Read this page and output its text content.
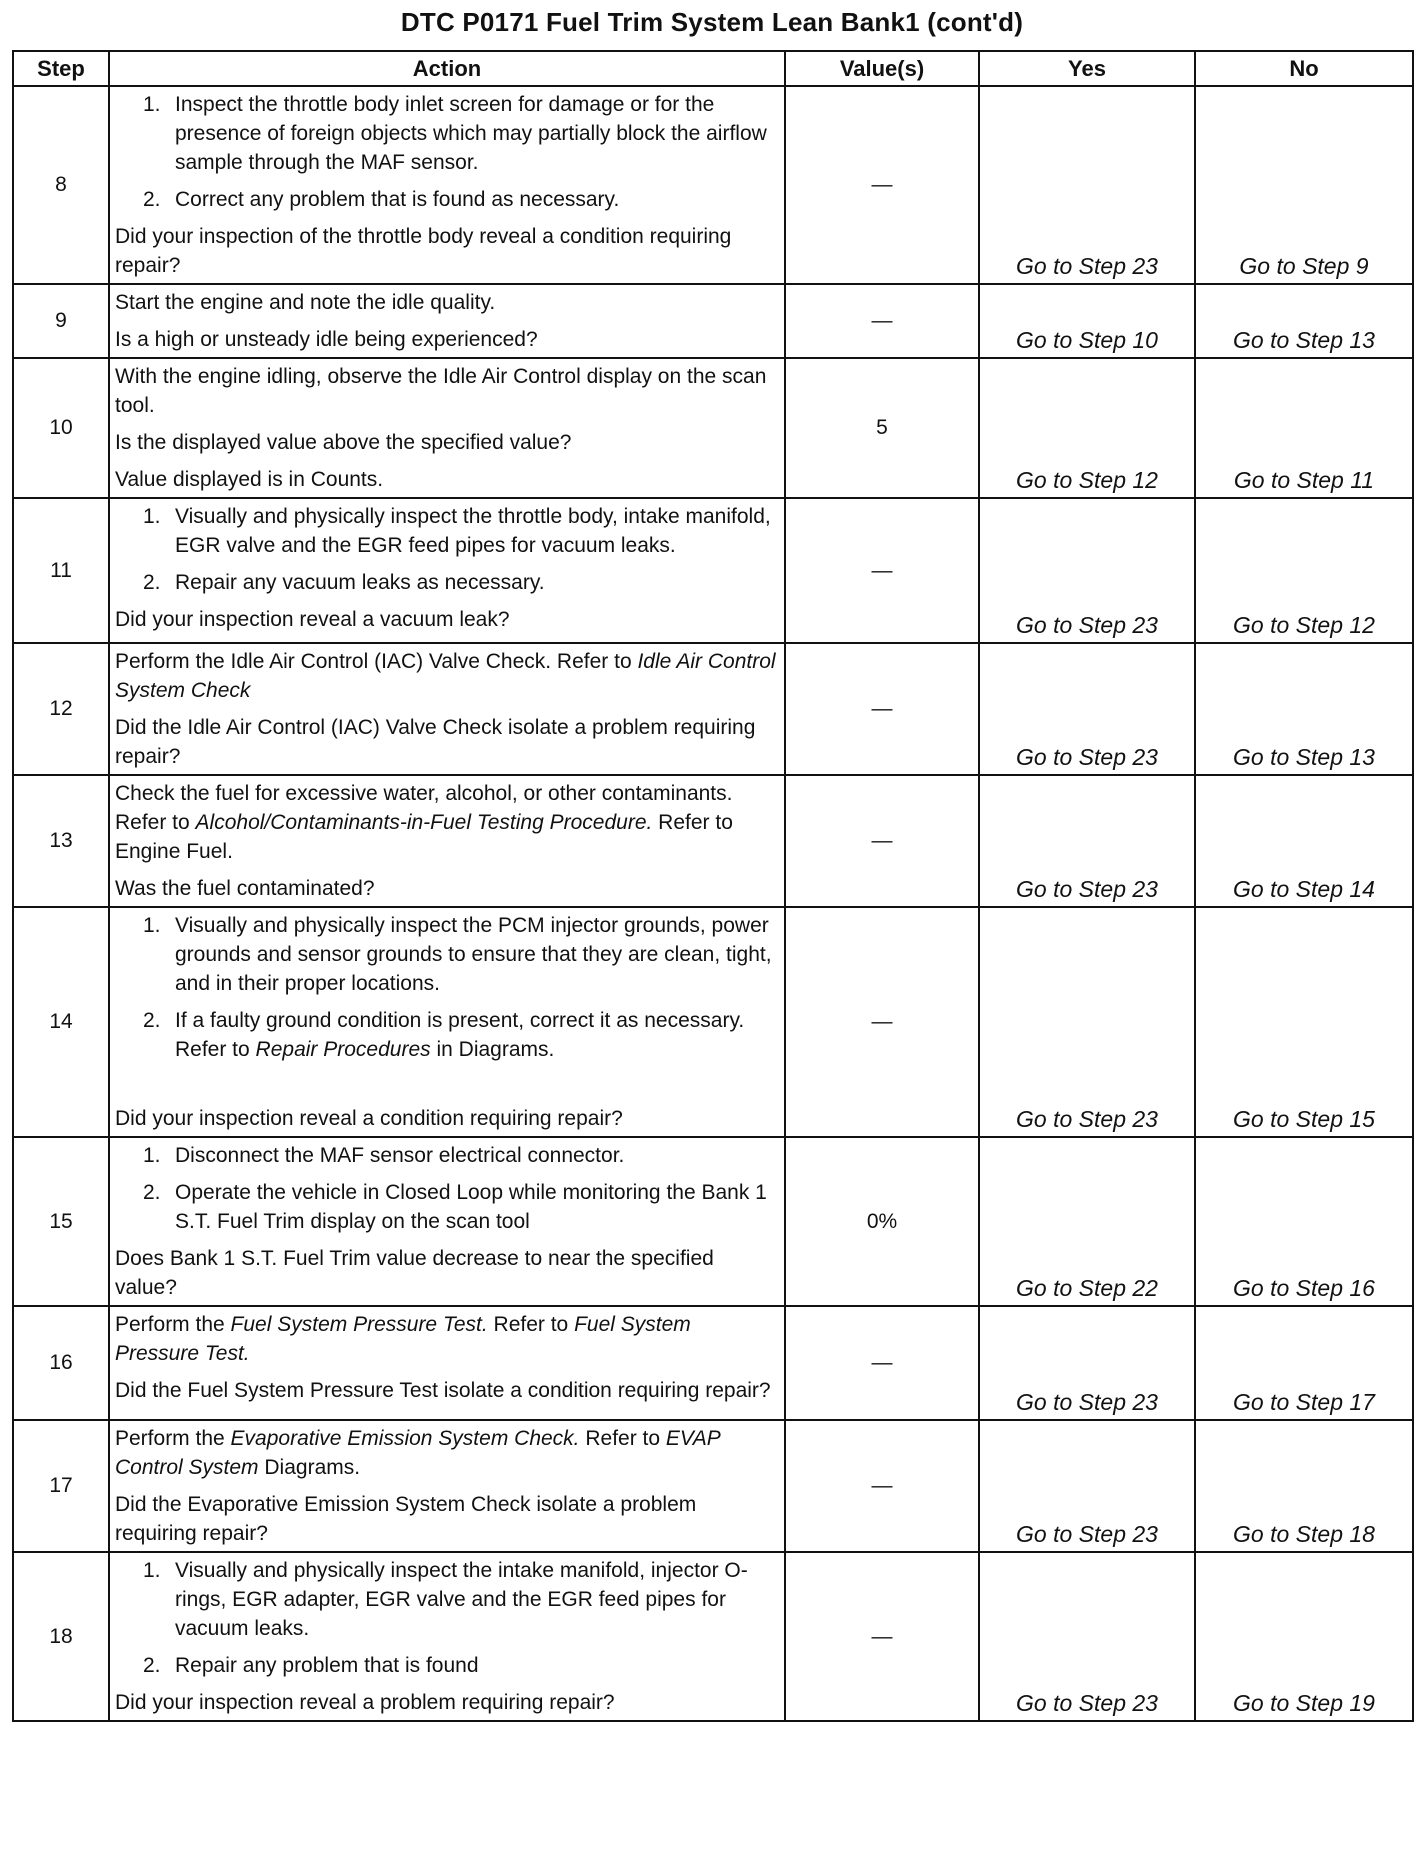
DTC P0171 Fuel Trim System Lean Bank1 (cont'd)
Step	Action	Value(s)	Yes	No
8	1. Inspect the throttle body inlet screen for damage or for the presence of foreign objects which may partially block the airflow sample through the MAF sensor.
2. Correct any problem that is found as necessary.
Did your inspection of the throttle body reveal a condition requiring repair?	—	Go to Step 23	Go to Step 9
9	Start the engine and note the idle quality.
Is a high or unsteady idle being experienced?	—	Go to Step 10	Go to Step 13
10	With the engine idling, observe the Idle Air Control display on the scan tool.
Is the displayed value above the specified value?
Value displayed is in Counts.	5	Go to Step 12	Go to Step 11
11	1. Visually and physically inspect the throttle body, intake manifold, EGR valve and the EGR feed pipes for vacuum leaks.
2. Repair any vacuum leaks as necessary.
Did your inspection reveal a vacuum leak?	—	Go to Step 23	Go to Step 12
12	Perform the Idle Air Control (IAC) Valve Check. Refer to Idle Air Control System Check
Did the Idle Air Control (IAC) Valve Check isolate a problem requiring repair?	—	Go to Step 23	Go to Step 13
13	Check the fuel for excessive water, alcohol, or other contaminants. Refer to Alcohol/Contaminants-in-Fuel Testing Procedure. Refer to Engine Fuel.
Was the fuel contaminated?	—	Go to Step 23	Go to Step 14
14	1. Visually and physically inspect the PCM injector grounds, power grounds and sensor grounds to ensure that they are clean, tight, and in their proper locations.
2. If a faulty ground condition is present, correct it as necessary. Refer to Repair Procedures in Diagrams.
Did your inspection reveal a condition requiring repair?	—	Go to Step 23	Go to Step 15
15	1. Disconnect the MAF sensor electrical connector.
2. Operate the vehicle in Closed Loop while monitoring the Bank 1 S.T. Fuel Trim display on the scan tool
Does Bank 1 S.T. Fuel Trim value decrease to near the specified value?	0%	Go to Step 22	Go to Step 16
16	Perform the Fuel System Pressure Test. Refer to Fuel System Pressure Test.
Did the Fuel System Pressure Test isolate a condition requiring repair?	—	Go to Step 23	Go to Step 17
17	Perform the Evaporative Emission System Check. Refer to EVAP Control System Diagrams.
Did the Evaporative Emission System Check isolate a problem requiring repair?	—	Go to Step 23	Go to Step 18
18	1. Visually and physically inspect the intake manifold, injector O-rings, EGR adapter, EGR valve and the EGR feed pipes for vacuum leaks.
2. Repair any problem that is found
Did your inspection reveal a problem requiring repair?	—	Go to Step 23	Go to Step 19
